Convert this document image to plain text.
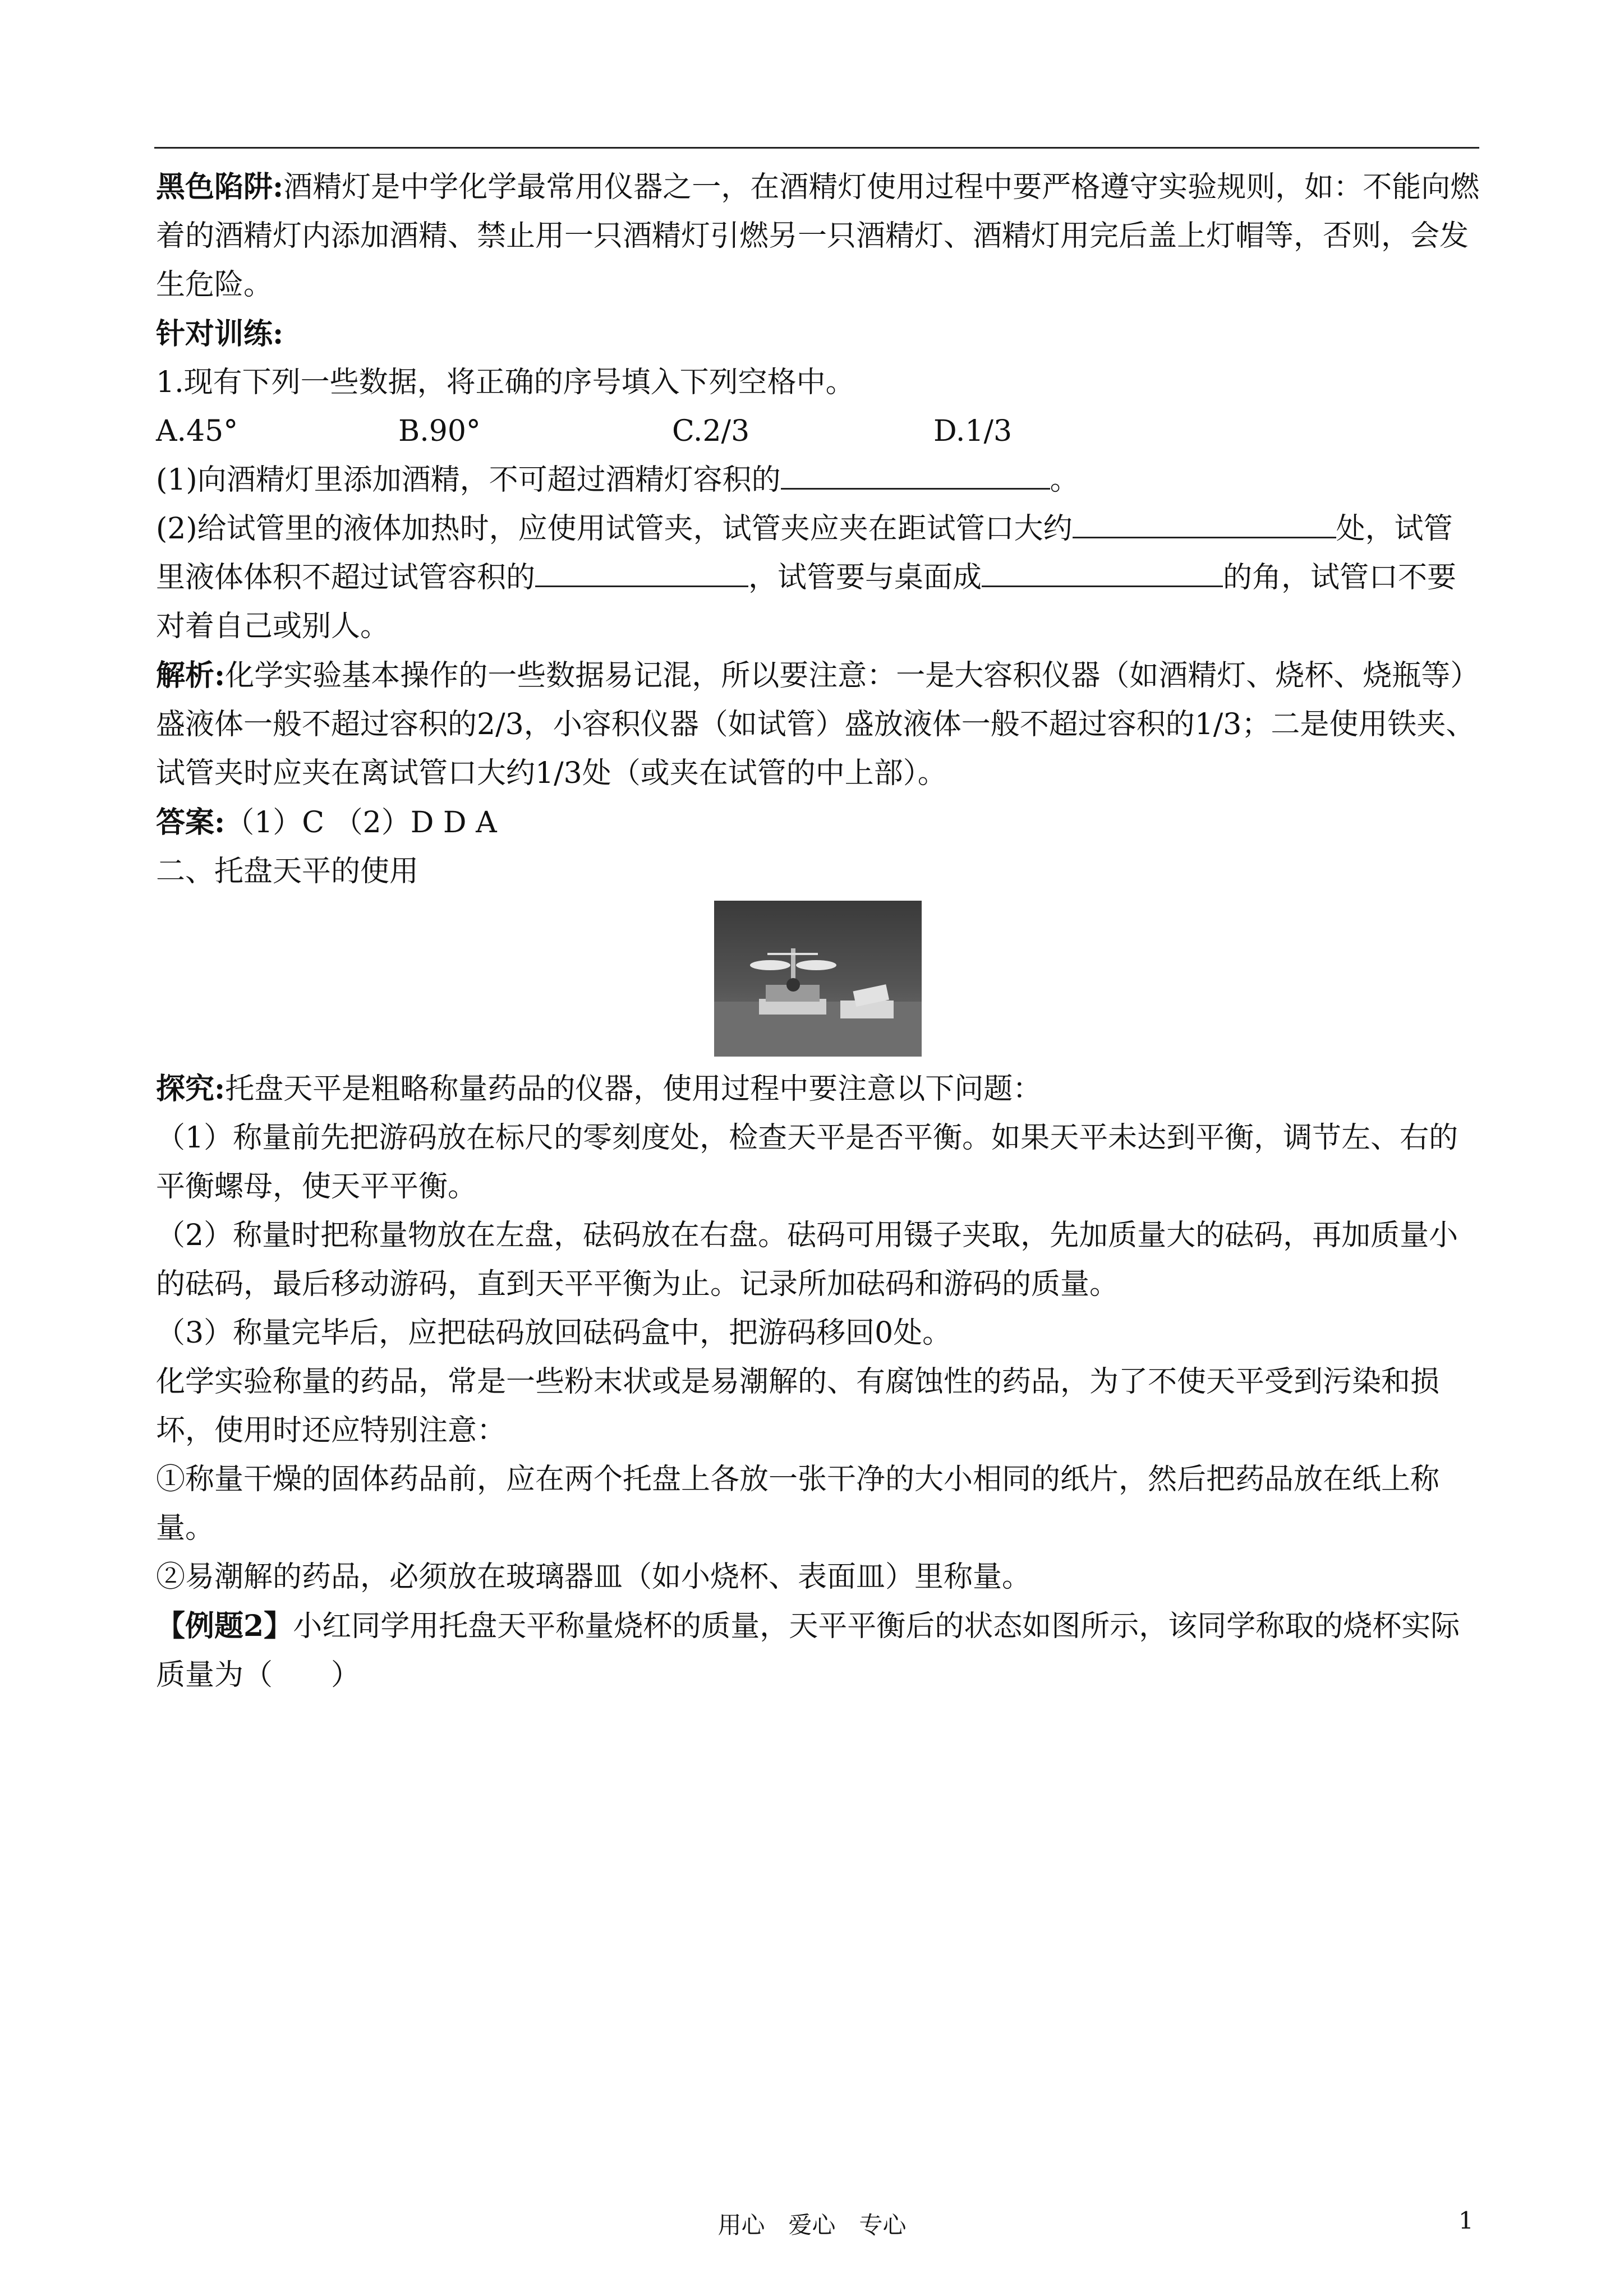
黑色陷阱:酒精灯是中学化学最常用仪器之一，在酒精灯使用过程中要严格遵守实验规则，如：不能向燃着的酒精灯内添加酒精、禁止用一只酒精灯引燃另一只酒精灯、酒精灯用完后盖上灯帽等，否则，会发生危险。

针对训练:

1.现有下列一些数据，将正确的序号填入下列空格中。

A.45°	B.90°	C.2/3	D.1/3

(1)向酒精灯里添加酒精，不可超过酒精灯容积的	。

(2)给试管里的液体加热时，应使用试管夹，试管夹应夹在距试管口大约	处，试管里液体体积不超过试管容积的	，试管要与桌面成	的角，试管口不要对着自己或别人。

解析:化学实验基本操作的一些数据易记混，所以要注意：一是大容积仪器（如酒精灯、烧杯、烧瓶等）盛液体一般不超过容积的2/3，小容积仪器（如试管）盛放液体一般不超过容积的1/3；二是使用铁夹、试管夹时应夹在离试管口大约1/3处（或夹在试管的中上部）。

答案:（1）C （2）D D A

二、托盘天平的使用

探究:托盘天平是粗略称量药品的仪器，使用过程中要注意以下问题：

（1）称量前先把游码放在标尺的零刻度处，检查天平是否平衡。如果天平未达到平衡，调节左、右的平衡螺母，使天平平衡。

（2）称量时把称量物放在左盘，砝码放在右盘。砝码可用镊子夹取，先加质量大的砝码，再加质量小的砝码，最后移动游码，直到天平平衡为止。记录所加砝码和游码的质量。

（3）称量完毕后，应把砝码放回砝码盒中，把游码移回0处。

化学实验称量的药品，常是一些粉末状或是易潮解的、有腐蚀性的药品，为了不使天平受到污染和损坏，使用时还应特别注意：

①称量干燥的固体药品前，应在两个托盘上各放一张干净的大小相同的纸片，然后把药品放在纸上称量。

②易潮解的药品，必须放在玻璃器皿（如小烧杯、表面皿）里称量。

【例题2】小红同学用托盘天平称量烧杯的质量，天平平衡后的状态如图所示，该同学称取的烧杯实际质量为（　　）

用心　爱心　专心	1
